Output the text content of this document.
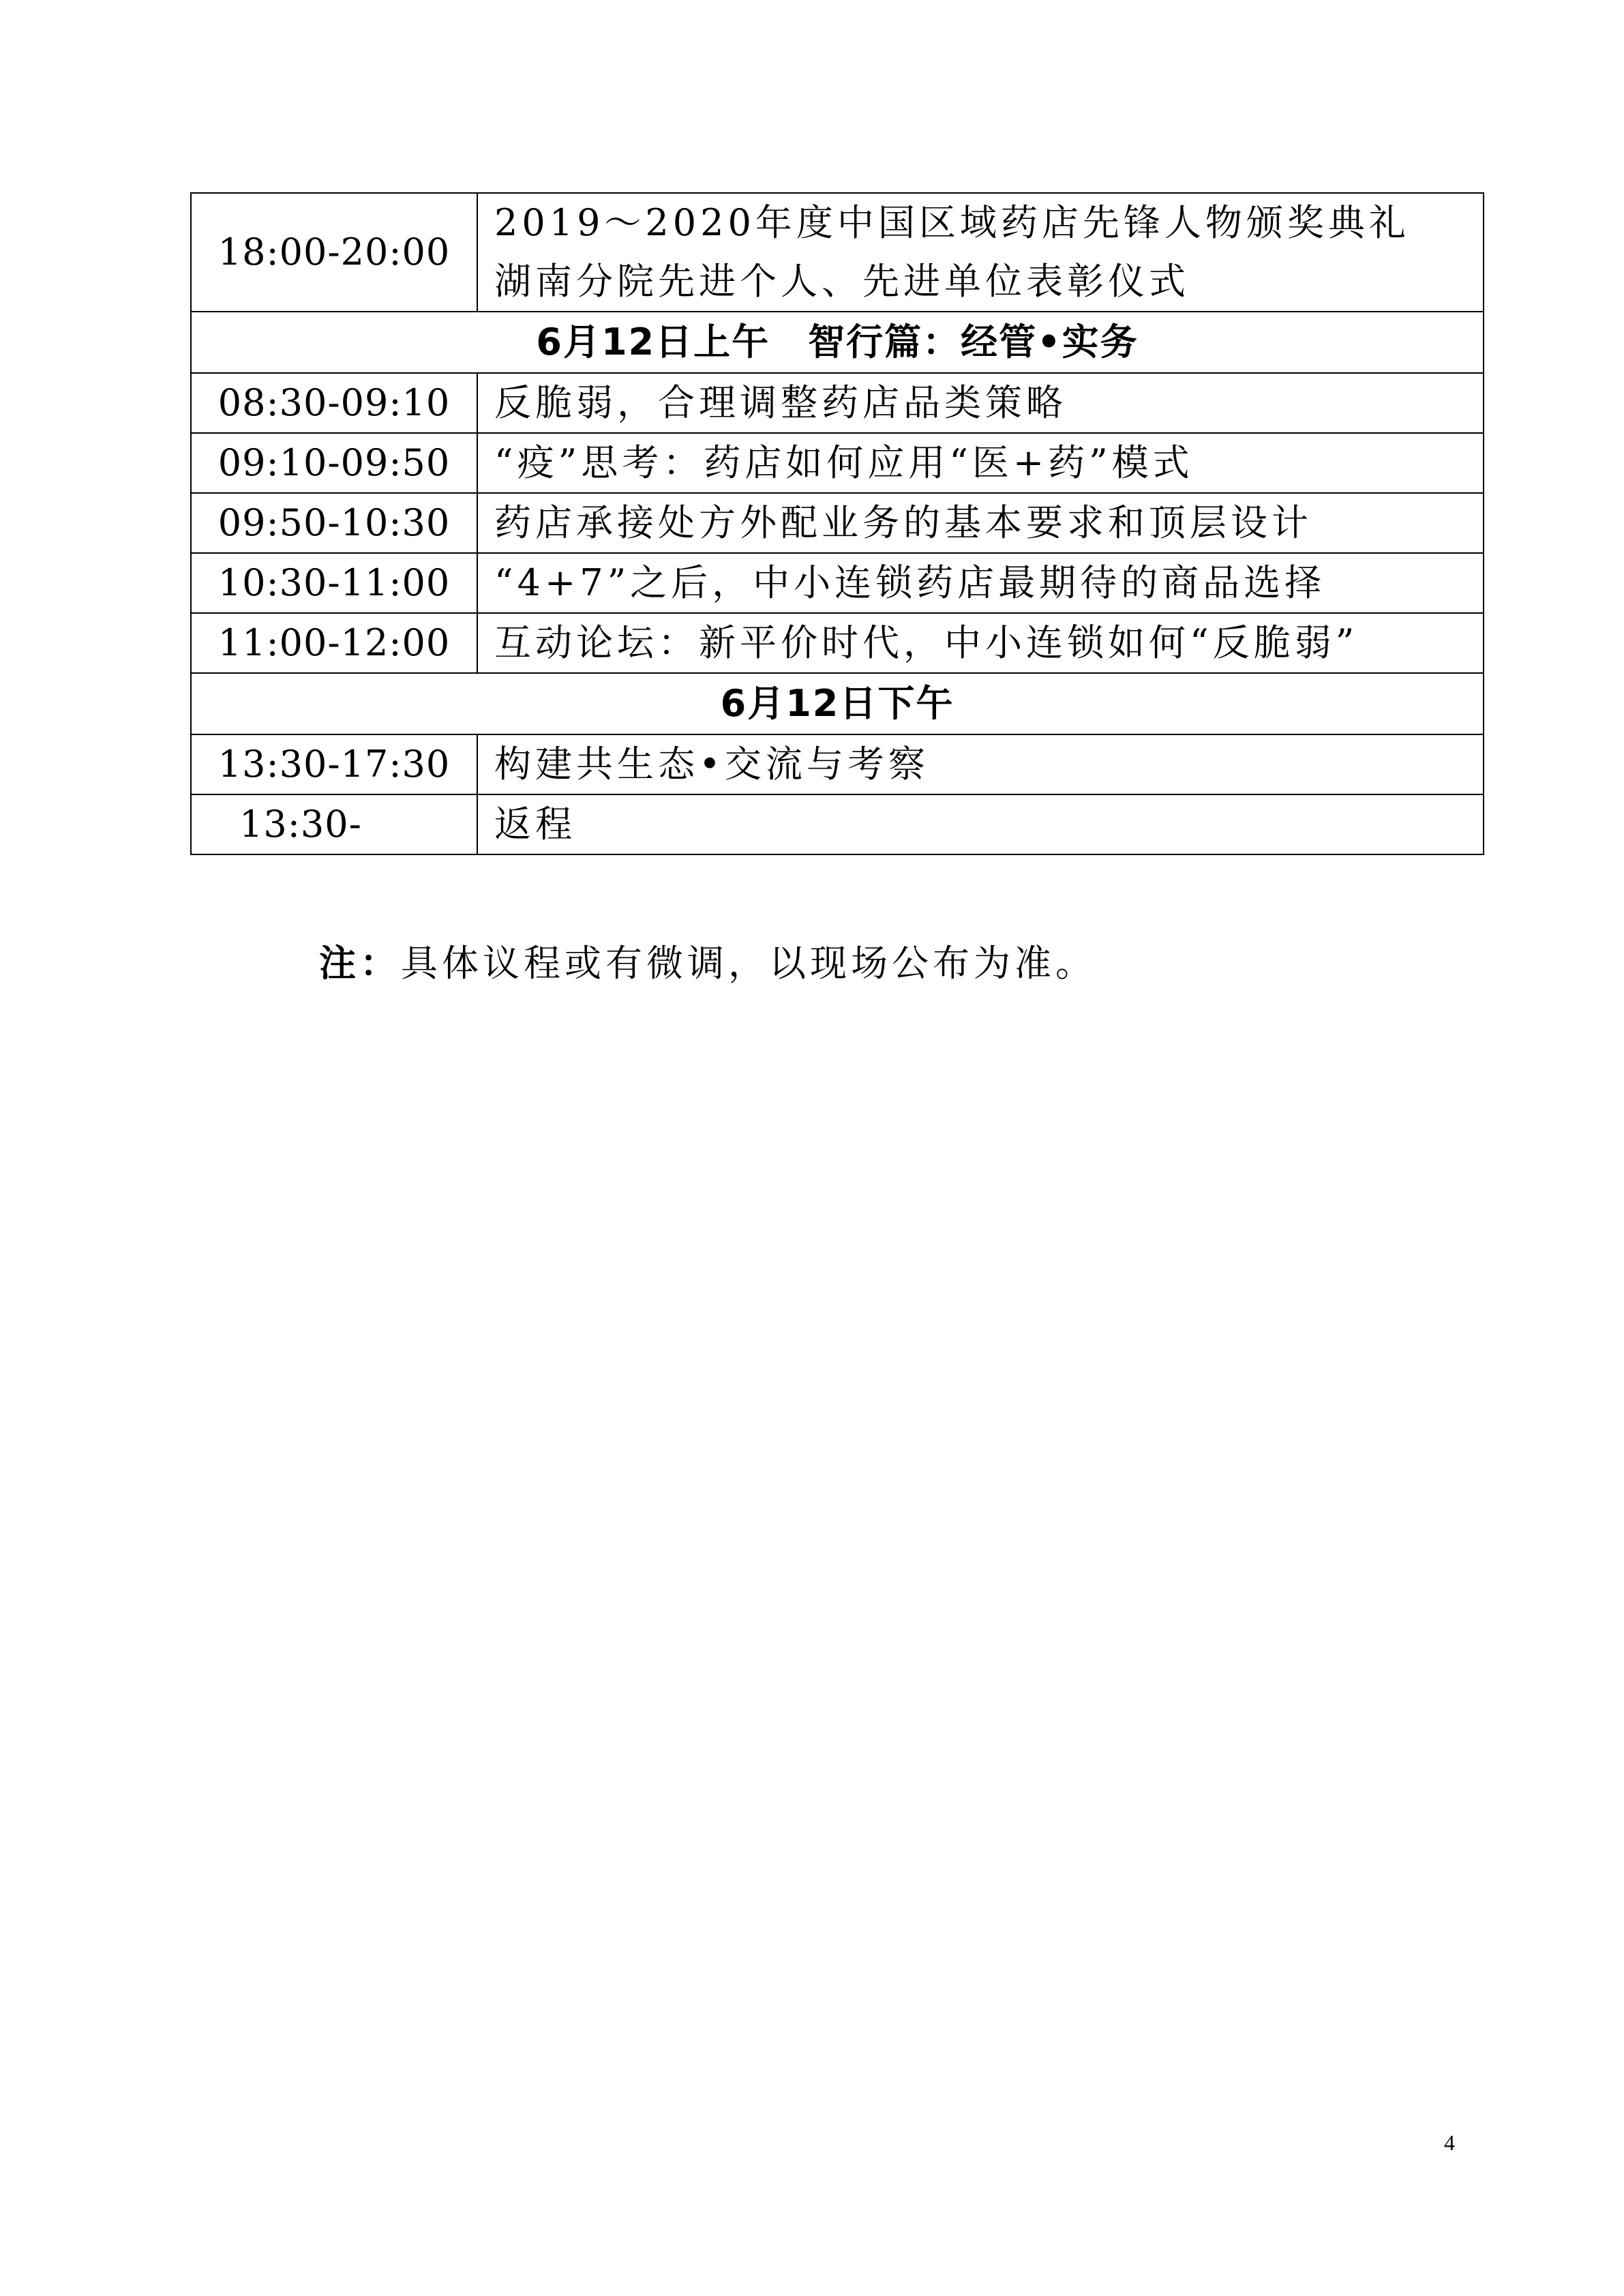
18:00-20:00	2019～2020年度中国区域药店先锋人物颁奖典礼
湖南分院先进个人、先进单位表彰仪式

6月12日上午　智行篇：经管•实务	
08:30-09:10	反脆弱，合理调整药店品类策略

09:10-09:50	“疫”思考：药店如何应用“医+药”模式

09:50-10:30	药店承接处方外配业务的基本要求和顶层设计

10:30-11:00	“4+7”之后，中小连锁药店最期待的商品选择

11:00-12:00	互动论坛：新平价时代，中小连锁如何“反脆弱”

6月12日下午	
13:30-17:30	构建共生态•交流与考察

13:30-	返程
注：具体议程或有微调，以现场公布为准。
4
